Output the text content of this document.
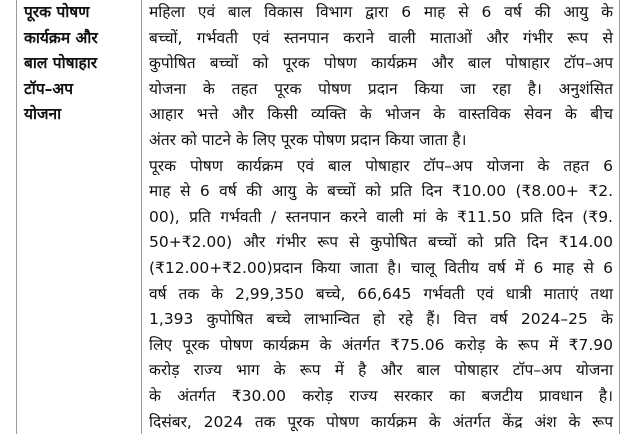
पूरक पोषण
कार्यक्रम और
बाल पोषाहार
टॉप–अप
योजना
महिला एवं बाल विकास विभाग द्वारा 6 माह से 6 वर्ष की आयु के
बच्चों, गर्भवती एवं स्तनपान कराने वाली माताओं और गंभीर रूप से
कुपोषित बच्चों को पूरक पोषण कार्यक्रम और बाल पोषाहार टॉप–अप
योजना के तहत पूरक पोषण प्रदान किया जा रहा है। अनुशंसित
आहार भत्ते और किसी व्यक्ति के भोजन के वास्तविक सेवन के बीच
अंतर को पाटने के लिए पूरक पोषण प्रदान किया जाता है।
पूरक पोषण कार्यक्रम एवं बाल पोषाहार टॉप–अप योजना के तहत 6
माह से 6 वर्ष की आयु के बच्चों को प्रति दिन ₹10.00 (₹8.00+ ₹2.
00), प्रति गर्भवती / स्तनपान करने वाली मां के ₹11.50 प्रति दिन (₹9.
50+₹2.00) और गंभीर रूप से कुपोषित बच्चों को प्रति दिन ₹14.00
(₹12.00+₹2.00)प्रदान किया जाता है। चालू वितीय वर्ष में 6 माह से 6
वर्ष तक के 2,99,350 बच्चे, 66,645 गर्भवती एवं धात्री माताएं तथा
1,393 कुपोषित बच्चे लाभान्वित हो रहे हैं। वित्त वर्ष 2024–25 के
लिए पूरक पोषण कार्यक्रम के अंतर्गत ₹75.06 करोड़ के रूप में ₹7.90
करोड़ राज्य भाग के रूप में है और बाल पोषाहार टॉप–अप योजना
के अंतर्गत ₹30.00 करोड़ राज्य सरकार का बजटीय प्रावधान है।
दिसंबर, 2024 तक पूरक पोषण कार्यक्रम के अंतर्गत केंद्र अंश के रूप
